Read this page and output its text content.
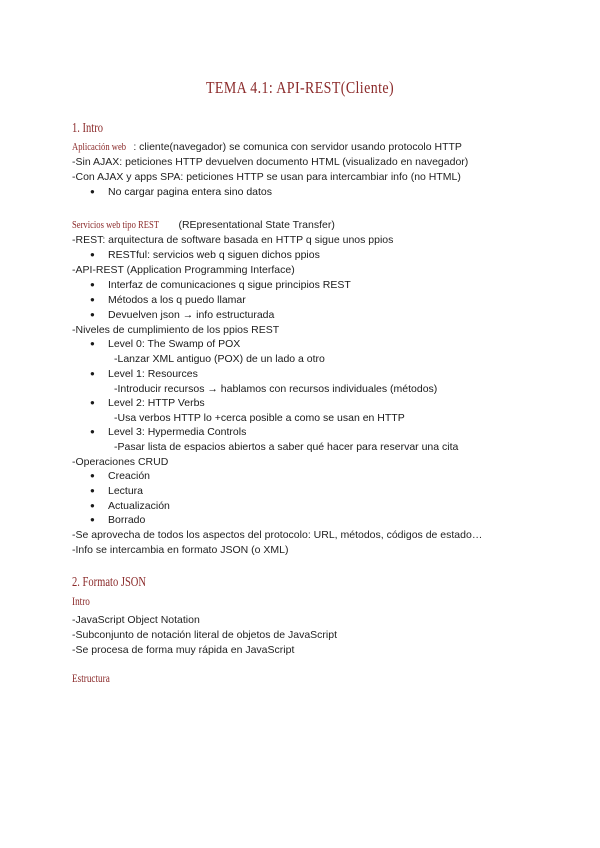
TEMA 4.1: API-REST(Cliente)
1. Intro
Aplicación web : cliente(navegador) se comunica con servidor usando protocolo HTTP
-Sin AJAX: peticiones HTTP devuelven documento HTML (visualizado en navegador)
-Con AJAX y apps SPA: peticiones HTTP se usan para intercambiar info (no HTML)
● No cargar pagina entera sino datos
Servicios web tipo REST (REpresentational State Transfer)
-REST: arquitectura de software basada en HTTP q sigue unos ppios
● RESTful: servicios web q siguen dichos ppios
-API-REST (Application Programming Interface)
● Interfaz de comunicaciones q sigue principios REST
● Métodos a los q puedo llamar
● Devuelven json → info estructurada
-Niveles de cumplimiento de los ppios REST
● Level 0: The Swamp of POX
-Lanzar XML antiguo (POX) de un lado a otro
● Level 1: Resources
-Introducir recursos → hablamos con recursos individuales (métodos)
● Level 2: HTTP Verbs
-Usa verbos HTTP lo +cerca posible a como se usan en HTTP
● Level 3: Hypermedia Controls
-Pasar lista de espacios abiertos a saber qué hacer para reservar una cita
-Operaciones CRUD
● Creación
● Lectura
● Actualización
● Borrado
-Se aprovecha de todos los aspectos del protocolo: URL, métodos, códigos de estado…
-Info se intercambia en formato JSON (o XML)
2. Formato JSON
Intro
-JavaScript Object Notation
-Subconjunto de notación literal de objetos de JavaScript
-Se procesa de forma muy rápida en JavaScript
Estructura
